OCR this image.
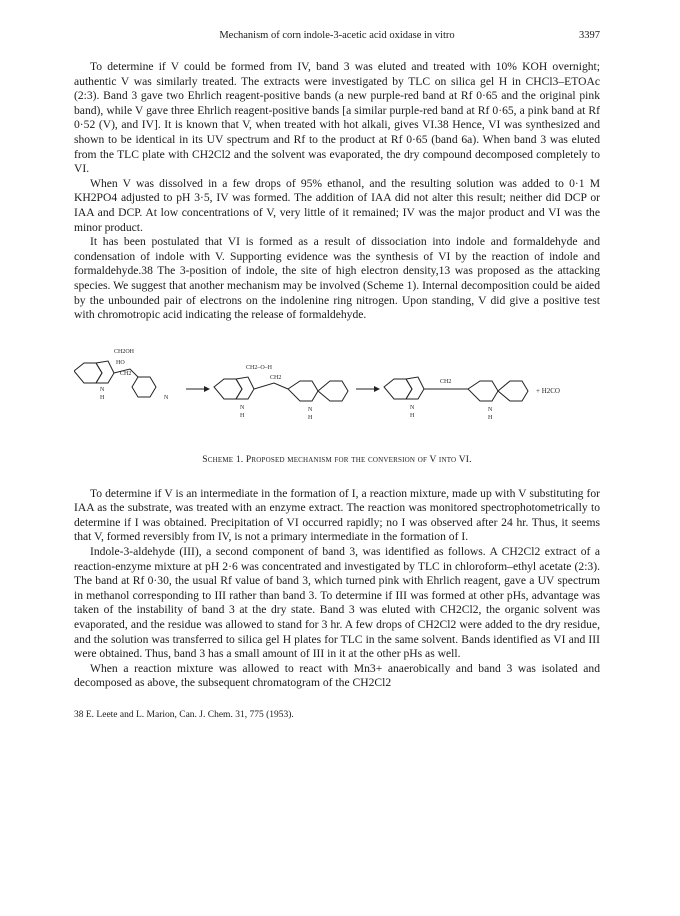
Mechanism of corn indole-3-acetic acid oxidase in vitro	3397

To determine if V could be formed from IV, band 3 was eluted and treated with 10% KOH overnight; authentic V was similarly treated. The extracts were investigated by TLC on silica gel H in CHCl3–ETOAc (2:3). Band 3 gave two Ehrlich reagent-positive bands (a new purple-red band at Rf 0·65 and the original pink band), while V gave three Ehrlich reagent-positive bands [a similar purple-red band at Rf 0·65, a pink band at Rf 0·52 (V), and IV]. It is known that V, when treated with hot alkali, gives VI.38 Hence, VI was synthesized and shown to be identical in its UV spectrum and Rf to the product at Rf 0·65 (band 6a). When band 3 was eluted from the TLC plate with CH2Cl2 and the solvent was evaporated, the dry compound decomposed completely to VI.

When V was dissolved in a few drops of 95% ethanol, and the resulting solution was added to 0·1 M KH2PO4 adjusted to pH 3·5, IV was formed. The addition of IAA did not alter this result; neither did DCP or IAA and DCP. At low concentrations of V, very little of it remained; IV was the major product and VI was the minor product.

It has been postulated that VI is formed as a result of dissociation into indole and formaldehyde and condensation of indole with V. Supporting evidence was the synthesis of VI by the reaction of indole and formaldehyde.38 The 3-position of indole, the site of high electron density,13 was proposed as the attacking species. We suggest that another mechanism may be involved (Scheme 1). Internal decomposition could be aided by the unbounded pair of electrons on the indolenine ring nitrogen. Upon standing, V did give a positive test with chromotropic acid indicating the release of formaldehyde.

CH2OH
HO
CH2
N
H	N
CH2–O–H
CH2
N
H
N
H
CH2
N
H
N
H
+ H2CO
Scheme 1. Proposed mechanism for the conversion of V into VI.

To determine if V is an intermediate in the formation of I, a reaction mixture, made up with V substituting for IAA as the substrate, was treated with an enzyme extract. The reaction was monitored spectrophotometrically to determine if I was obtained. Precipitation of VI occurred rapidly; no I was observed after 24 hr. Thus, it seems that V, formed reversibly from IV, is not a primary intermediate in the formation of I.

Indole-3-aldehyde (III), a second component of band 3, was identified as follows. A CH2Cl2 extract of a reaction-enzyme mixture at pH 2·6 was concentrated and investigated by TLC in chloroform–ethyl acetate (2:3). The band at Rf 0·30, the usual Rf value of band 3, which turned pink with Ehrlich reagent, gave a UV spectrum in methanol corresponding to III rather than band 3. To determine if III was formed at other pHs, advantage was taken of the instability of band 3 at the dry state. Band 3 was eluted with CH2Cl2, the organic solvent was evaporated, and the residue was allowed to stand for 3 hr. A few drops of CH2Cl2 were added to the dry residue, and the solution was transferred to silica gel H plates for TLC in the same solvent. Bands identified as VI and III were obtained. Thus, band 3 has a small amount of III in it at the other pHs as well.

When a reaction mixture was allowed to react with Mn3+ anaerobically and band 3 was isolated and decomposed as above, the subsequent chromatogram of the CH2Cl2

38 E. Leete and L. Marion, Can. J. Chem. 31, 775 (1953).
